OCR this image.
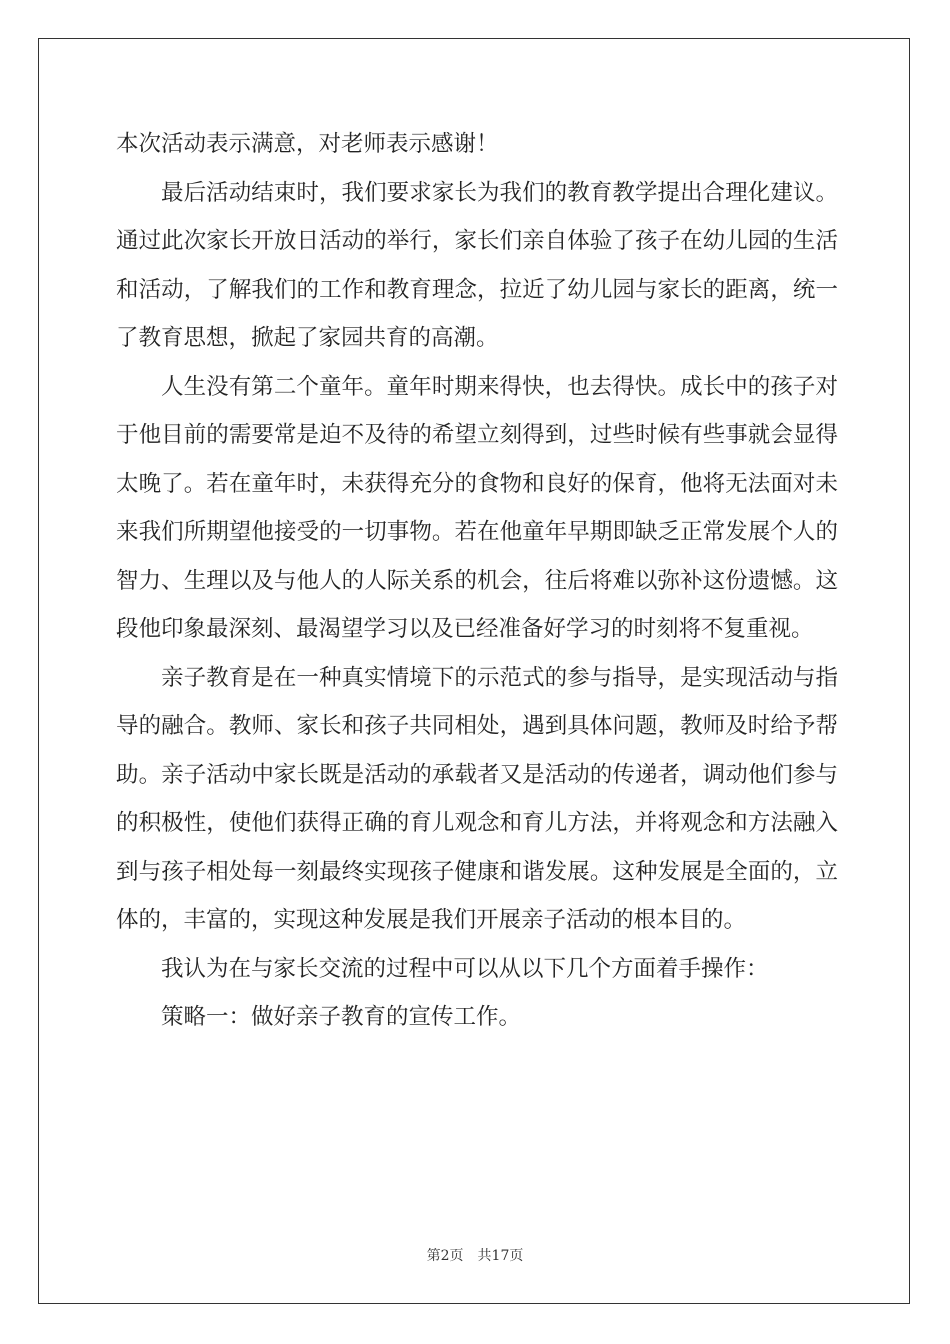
本次活动表示满意，对老师表示感谢！

最后活动结束时，我们要求家长为我们的教育教学提出合理化建议。通过此次家长开放日活动的举行，家长们亲自体验了孩子在幼儿园的生活和活动，了解我们的工作和教育理念，拉近了幼儿园与家长的距离，统一了教育思想，掀起了家园共育的高潮。

人生没有第二个童年。童年时期来得快，也去得快。成长中的孩子对于他目前的需要常是迫不及待的希望立刻得到，过些时候有些事就会显得太晚了。若在童年时，未获得充分的食物和良好的保育，他将无法面对未来我们所期望他接受的一切事物。若在他童年早期即缺乏正常发展个人的智力、生理以及与他人的人际关系的机会，往后将难以弥补这份遗憾。这段他印象最深刻、最渴望学习以及已经准备好学习的时刻将不复重视。

亲子教育是在一种真实情境下的示范式的参与指导，是实现活动与指导的融合。教师、家长和孩子共同相处，遇到具体问题，教师及时给予帮助。亲子活动中家长既是活动的承载者又是活动的传递者，调动他们参与的积极性，使他们获得正确的育儿观念和育儿方法，并将观念和方法融入到与孩子相处每一刻最终实现孩子健康和谐发展。这种发展是全面的，立体的，丰富的，实现这种发展是我们开展亲子活动的根本目的。

我认为在与家长交流的过程中可以从以下几个方面着手操作：

策略一：做好亲子教育的宣传工作。

第2页 共17页
